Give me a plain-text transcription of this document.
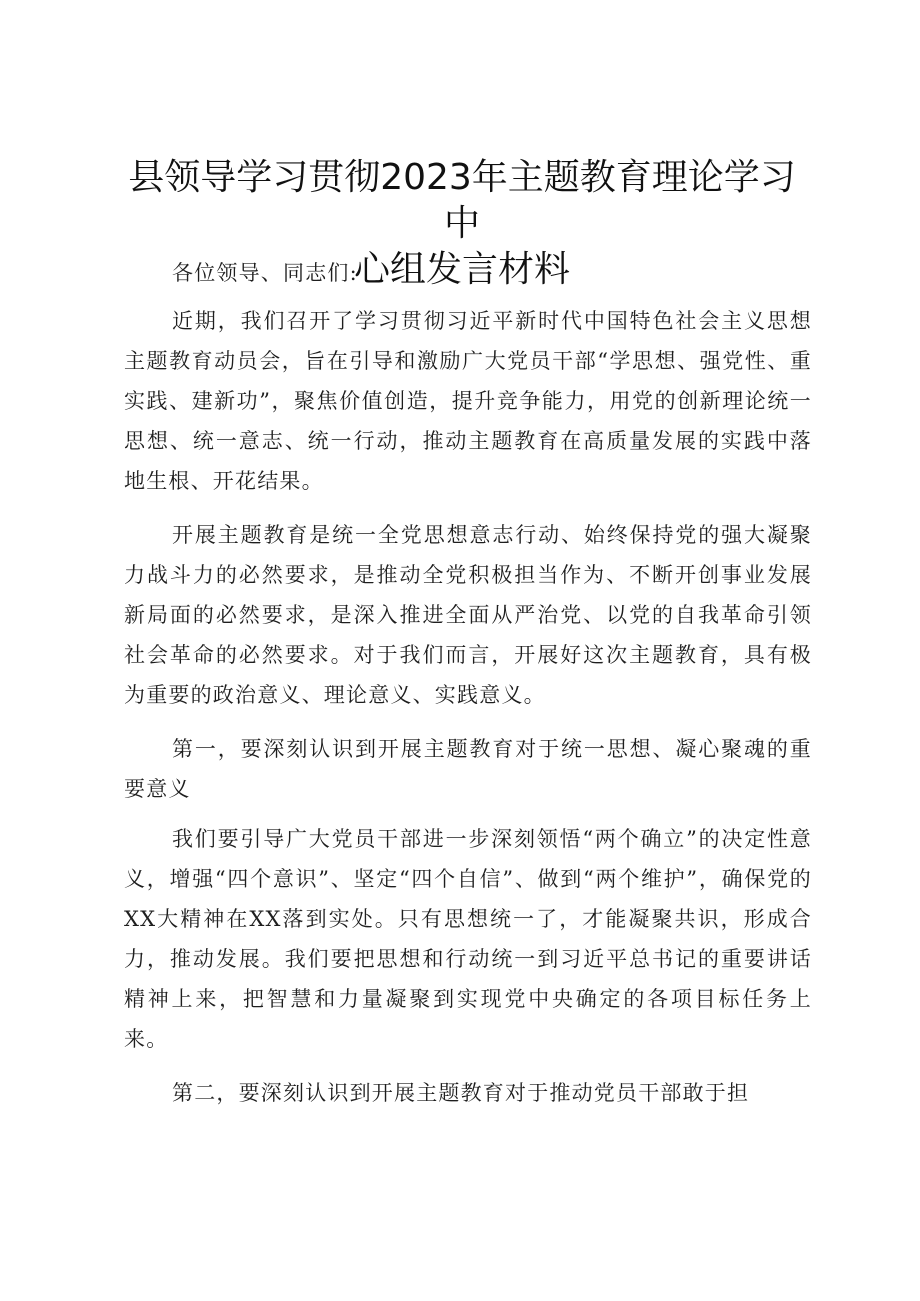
县领导学习贯彻2023年主题教育理论学习中
心组发言材料

各位领导、同志们:

近期，我们召开了学习贯彻习近平新时代中国特色社会主义思想主题教育动员会，旨在引导和激励广大党员干部“学思想、强党性、重实践、建新功”，聚焦价值创造，提升竞争能力，用党的创新理论统一思想、统一意志、统一行动，推动主题教育在高质量发展的实践中落地生根、开花结果。

开展主题教育是统一全党思想意志行动、始终保持党的强大凝聚力战斗力的必然要求，是推动全党积极担当作为、不断开创事业发展新局面的必然要求，是深入推进全面从严治党、以党的自我革命引领社会革命的必然要求。对于我们而言，开展好这次主题教育，具有极为重要的政治意义、理论意义、实践意义。

第一，要深刻认识到开展主题教育对于统一思想、凝心聚魂的重要意义

我们要引导广大党员干部进一步深刻领悟“两个确立”的决定性意义，增强“四个意识”、坚定“四个自信”、做到“两个维护”，确保党的XX大精神在XX落到实处。只有思想统一了，才能凝聚共识，形成合力，推动发展。我们要把思想和行动统一到习近平总书记的重要讲话精神上来，把智慧和力量凝聚到实现党中央确定的各项目标任务上来。

第二，要深刻认识到开展主题教育对于推动党员干部敢于担
